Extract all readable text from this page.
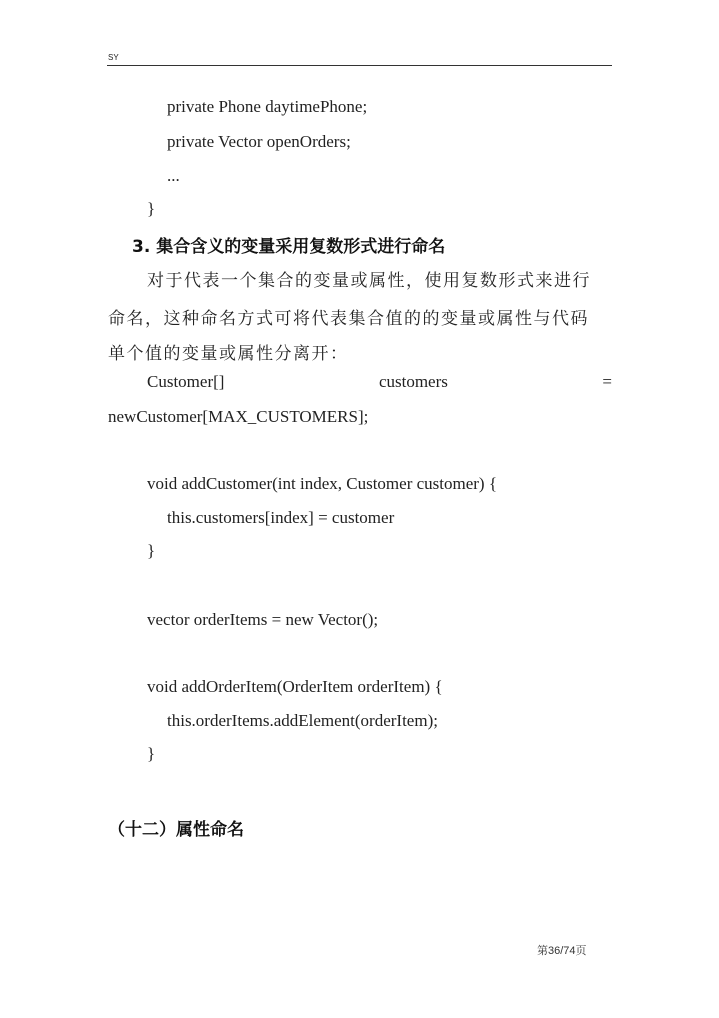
SY
private Phone daytimePhone;
private Vector openOrders;
...
}
3. 集合含义的变量采用复数形式进行命名
对于代表一个集合的变量或属性，使用复数形式来进行
命名，这种命名方式可将代表集合值的的变量或属性与代码
单个值的变量或属性分离开：
Customer[]	customers	=
newCustomer[MAX_CUSTOMERS];
void addCustomer(int index, Customer customer) {
this.customers[index] = customer
}
vector orderItems = new Vector();
void addOrderItem(OrderItem orderItem) {
this.orderItems.addElement(orderItem);
}
（十二）属性命名
第36/74页
